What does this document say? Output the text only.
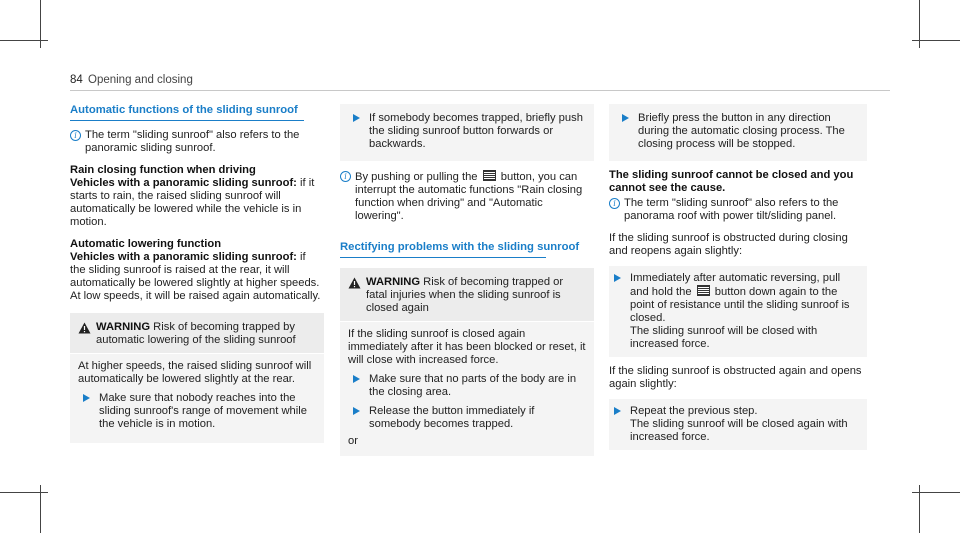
84 Opening and closing
Automatic functions of the sliding sunroof
i The term "sliding sunroof" also refers to the panoramic sliding sunroof.
Rain closing function when driving

Vehicles with a panoramic sliding sunroof: if it starts to rain, the raised sliding sunroof will automatically be lowered while the vehicle is in motion.

Automatic lowering function

Vehicles with a panoramic sliding sunroof: if the sliding sunroof is raised at the rear, it will automatically be lowered slightly at higher speeds. At low speeds, it will be raised again automatically.

WARNING Risk of becoming trapped by automatic lowering of the sliding sunroof
At higher speeds, the raised sliding sunroof will automatically be lowered slightly at the rear.
Make sure that nobody reaches into the sliding sunroof's range of movement while the vehicle is in motion.
If somebody becomes trapped, briefly push the sliding sunroof button forwards or backwards.
i By pushing or pulling the  button, you can interrupt the automatic functions "Rain closing function when driving" and "Automatic lowering".
Rectifying problems with the sliding sunroof
WARNING Risk of becoming trapped or fatal injuries when the sliding sunroof is closed again
If the sliding sunroof is closed again immediately after it has been blocked or reset, it will close with increased force.
Make sure that no parts of the body are in the closing area.
Release the button immediately if somebody becomes trapped.
or
Briefly press the button in any direction during the automatic closing process. The closing process will be stopped.
The sliding sunroof cannot be closed and you cannot see the cause.
i The term "sliding sunroof" also refers to the panorama roof with power tilt/sliding panel.

If the sliding sunroof is obstructed during closing and reopens again slightly:

Immediately after automatic reversing, pull and hold the  button down again to the point of resistance until the sliding sunroof is closed.
The sliding sunroof will be closed with increased force.

If the sliding sunroof is obstructed again and opens again slightly:

Repeat the previous step.
The sliding sunroof will be closed again with increased force.
